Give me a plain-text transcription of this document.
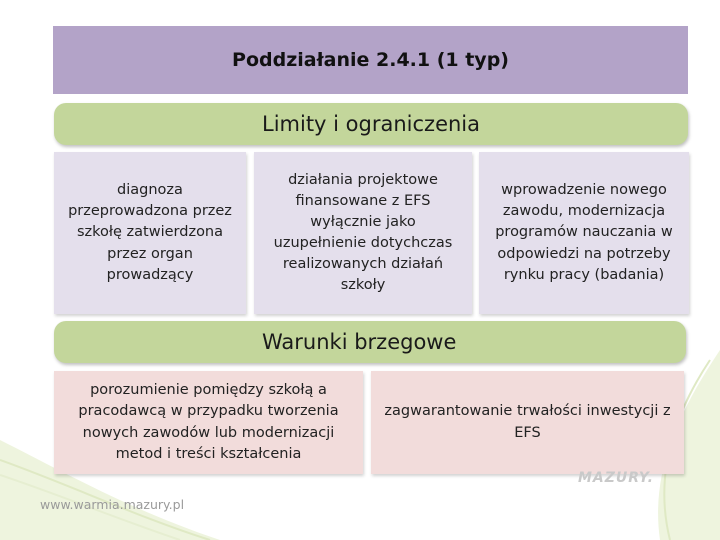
Poddziałanie 2.4.1 (1 typ)
Limity i ograniczenia
diagnoza przeprowadzona przez szkołę zatwierdzona przez organ prowadzący
działania projektowe finansowane z EFS wyłącznie jako uzupełnienie dotychczas realizowanych działań szkoły
wprowadzenie nowego zawodu, modernizacja programów nauczania w odpowiedzi na potrzeby rynku pracy (badania)
Warunki brzegowe
porozumienie pomiędzy szkołą a pracodawcą w przypadku tworzenia nowych zawodów lub modernizacji metod i treści kształcenia
zagwarantowanie trwałości inwestycji z EFS
MAZURY.
www.warmia.mazury.pl
